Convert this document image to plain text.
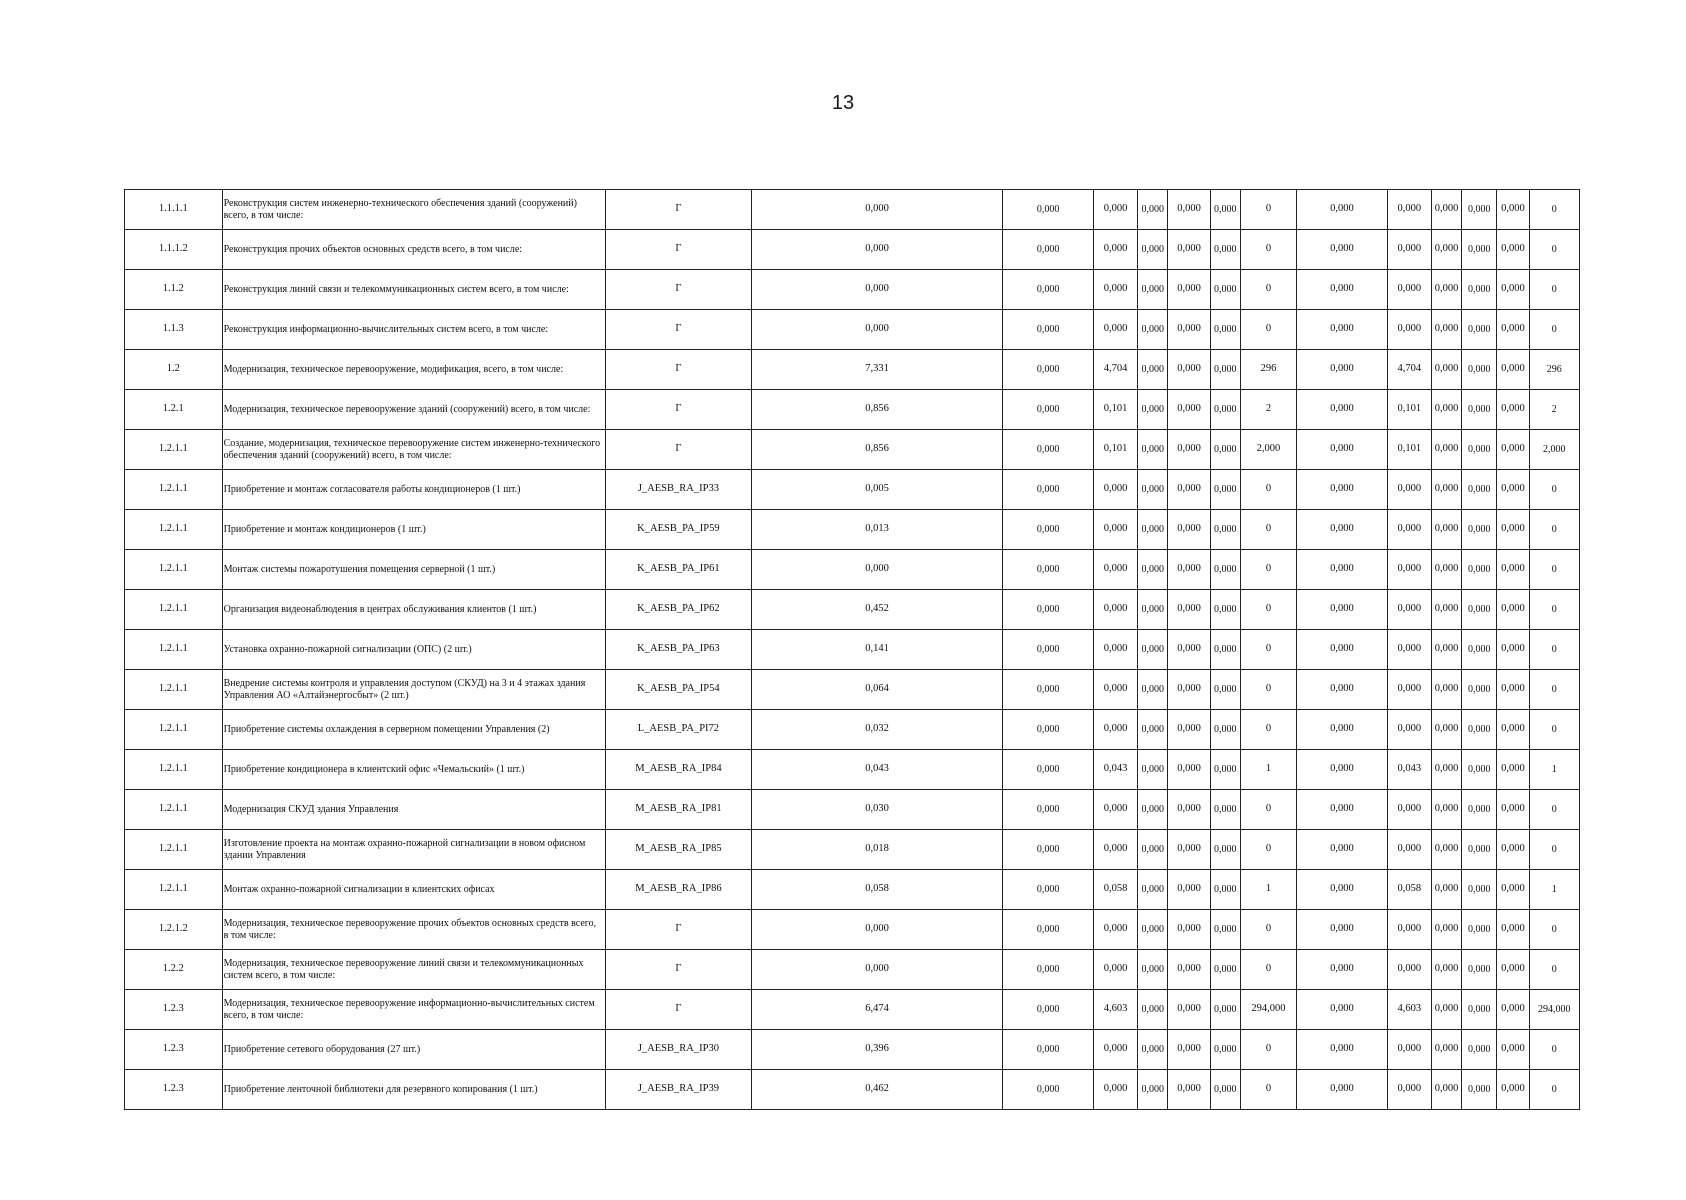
13
1.1.1.1	Реконструкция систем инженерно-технического обеспечения зданий (сооружений) всего, в том числе:	Г	0,000	0,000	0,000	0,000	0,000	0,000	0	0,000	0,000	0,000	0,000	0,000	0
1.1.1.2	Реконструкция прочих объектов основных средств всего, в том числе:	Г	0,000	0,000	0,000	0,000	0,000	0,000	0	0,000	0,000	0,000	0,000	0,000	0
1.1.2	Реконструкция линий связи и телекоммуникационных систем всего, в том числе:	Г	0,000	0,000	0,000	0,000	0,000	0,000	0	0,000	0,000	0,000	0,000	0,000	0
1.1.3	Реконструкция информационно-вычислительных систем всего, в том числе:	Г	0,000	0,000	0,000	0,000	0,000	0,000	0	0,000	0,000	0,000	0,000	0,000	0
1.2	Модернизация, техническое перевооружение, модификация, всего, в том числе:	Г	7,331	0,000	4,704	0,000	0,000	0,000	296	0,000	4,704	0,000	0,000	0,000	296
1.2.1	Модернизация, техническое перевооружение зданий (сооружений) всего, в том числе:	Г	0,856	0,000	0,101	0,000	0,000	0,000	2	0,000	0,101	0,000	0,000	0,000	2
1.2.1.1	Создание, модернизация, техническое перевооружение систем инженерно-технического обеспечения зданий (сооружений) всего, в том числе:	Г	0,856	0,000	0,101	0,000	0,000	0,000	2,000	0,000	0,101	0,000	0,000	0,000	2,000
1.2.1.1	Приобретение и монтаж согласователя работы кондиционеров (1 шт.)	J_AESB_RA_IP33	0,005	0,000	0,000	0,000	0,000	0,000	0	0,000	0,000	0,000	0,000	0,000	0
1.2.1.1	Приобретение и монтаж кондиционеров (1 шт.)	K_AESB_PA_IP59	0,013	0,000	0,000	0,000	0,000	0,000	0	0,000	0,000	0,000	0,000	0,000	0
1.2.1.1	Монтаж системы пожаротушения помещения серверной (1 шт.)	K_AESB_PA_IP61	0,000	0,000	0,000	0,000	0,000	0,000	0	0,000	0,000	0,000	0,000	0,000	0
1.2.1.1	Организация видеонаблюдения в центрах обслуживания клиентов (1 шт.)	K_AESB_PA_IP62	0,452	0,000	0,000	0,000	0,000	0,000	0	0,000	0,000	0,000	0,000	0,000	0
1.2.1.1	Установка охранно-пожарной сигнализации (ОПС) (2 шт.)	K_AESB_PA_IP63	0,141	0,000	0,000	0,000	0,000	0,000	0	0,000	0,000	0,000	0,000	0,000	0
1.2.1.1	Внедрение системы контроля и управления доступом (СКУД) на 3 и 4 этажах здания Управления АО «Алтайэнергосбыт» (2 шт.)	K_AESB_PA_IP54	0,064	0,000	0,000	0,000	0,000	0,000	0	0,000	0,000	0,000	0,000	0,000	0
1.2.1.1	Приобретение системы охлаждения в серверном помещении Управления (2)	L_AESB_PA_PI72	0,032	0,000	0,000	0,000	0,000	0,000	0	0,000	0,000	0,000	0,000	0,000	0
1.2.1.1	Приобретение кондиционера в клиентский офис «Чемальский» (1 шт.)	M_AESB_RA_IP84	0,043	0,000	0,043	0,000	0,000	0,000	1	0,000	0,043	0,000	0,000	0,000	1
1.2.1.1	Модернизация СКУД здания Управления	M_AESB_RA_IP81	0,030	0,000	0,000	0,000	0,000	0,000	0	0,000	0,000	0,000	0,000	0,000	0
1.2.1.1	Изготовление проекта на монтаж охранно-пожарной сигнализации в новом офисном здании Управления	M_AESB_RA_IP85	0,018	0,000	0,000	0,000	0,000	0,000	0	0,000	0,000	0,000	0,000	0,000	0
1.2.1.1	Монтаж охранно-пожарной сигнализации в клиентских офисах	M_AESB_RA_IP86	0,058	0,000	0,058	0,000	0,000	0,000	1	0,000	0,058	0,000	0,000	0,000	1
1.2.1.2	Модернизация, техническое перевооружение прочих объектов основных средств всего, в том числе:	Г	0,000	0,000	0,000	0,000	0,000	0,000	0	0,000	0,000	0,000	0,000	0,000	0
1.2.2	Модернизация, техническое перевооружение линий связи и телекоммуникационных систем всего, в том числе:	Г	0,000	0,000	0,000	0,000	0,000	0,000	0	0,000	0,000	0,000	0,000	0,000	0
1.2.3	Модернизация, техническое перевооружение информационно-вычислительных систем всего, в том числе:	Г	6,474	0,000	4,603	0,000	0,000	0,000	294,000	0,000	4,603	0,000	0,000	0,000	294,000
1.2.3	Приобретение сетевого оборудования (27 шт.)	J_AESB_RA_IP30	0,396	0,000	0,000	0,000	0,000	0,000	0	0,000	0,000	0,000	0,000	0,000	0
1.2.3	Приобретение ленточной библиотеки для резервного копирования (1 шт.)	J_AESB_RA_IP39	0,462	0,000	0,000	0,000	0,000	0,000	0	0,000	0,000	0,000	0,000	0,000	0
